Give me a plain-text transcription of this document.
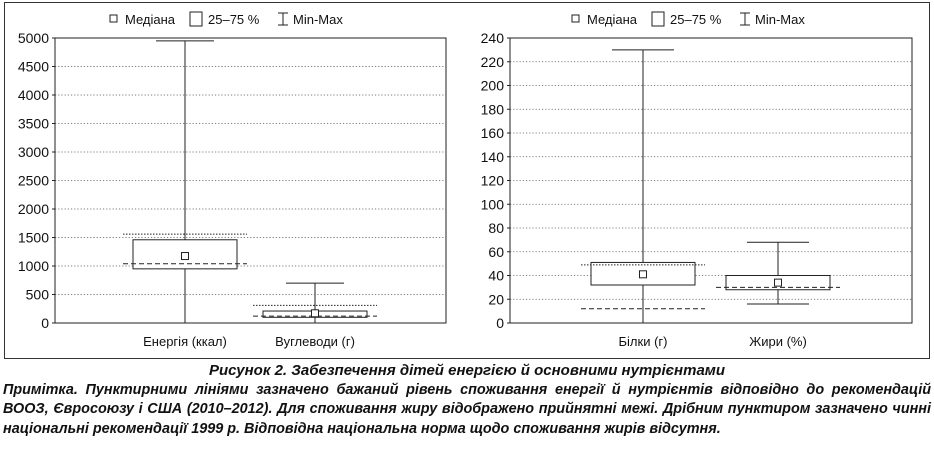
0
500
1000
1500
2000
2500
3000
3500
4000
4500
5000
Енергія (ккал)	Вуглеводи (г)
Медіана	25–75 %	Min-Max
0
20
40
60
80
100
120
140
160
180
200
220
240
Білки (г)	Жири (%)
Медіана	25–75 %	Min-Max
Рисунок 2. Забезпечення дітей енергією й основними нутрієнтами
Примітка. Пунктирними лініями зазначено бажаний рівень споживання енергії й нутрієнтів відповідно до рекомендацій ВООЗ, Євросоюзу і США (2010–2012). Для споживання жиру відображено прийнятні межі. Дрібним пунктиром зазначено чинні національні рекомендації 1999 р. Відповідна національна норма щодо споживання жирів відсутня.
